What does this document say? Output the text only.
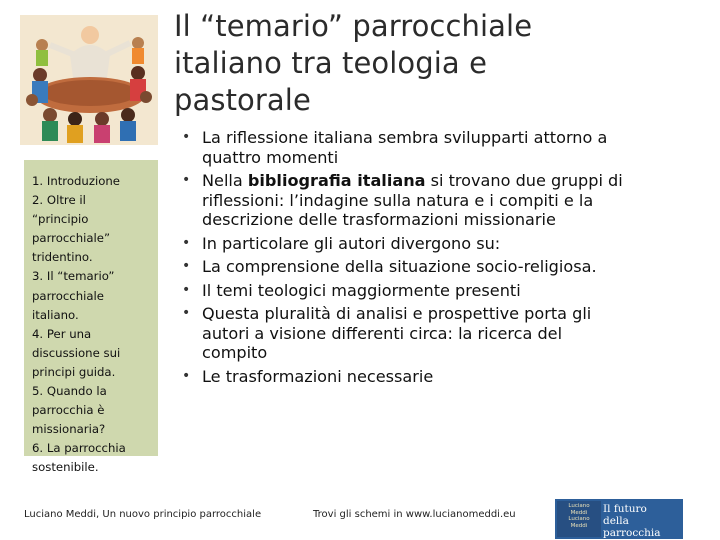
Il “temario” parrocchiale
italiano tra teologia e
pastorale
1. Introduzione
2. Oltre il
“principio
parrocchiale”
tridentino.
3. Il “temario”
parrocchiale
italiano.
4. Per una
discussione sui
principi guida.
5. Quando la
parrocchia è
missionaria?
6. La parrocchia
sostenibile.
• La riflessione italiana sembra svilupparti attorno a
quattro momenti
• Nella bibliografia italiana si trovano due gruppi di
riflessioni: l’indagine sulla natura e i compiti e la
descrizione delle trasformazioni missionarie
• In particolare gli autori divergono su:
• La comprensione della situazione socio-religiosa.
• Il temi teologici maggiormente presenti
• Questa pluralità di analisi e prospettive porta gli
autori a visione differenti circa: la ricerca del
compito
• Le trasformazioni necessarie
Luciano Meddi, Un nuovo principio parrocchiale	Trovi gli schemi in www.lucianomeddi.eu
Luciano
Meddi
Luciano
Meddi
Il futuro
della parrocchia
